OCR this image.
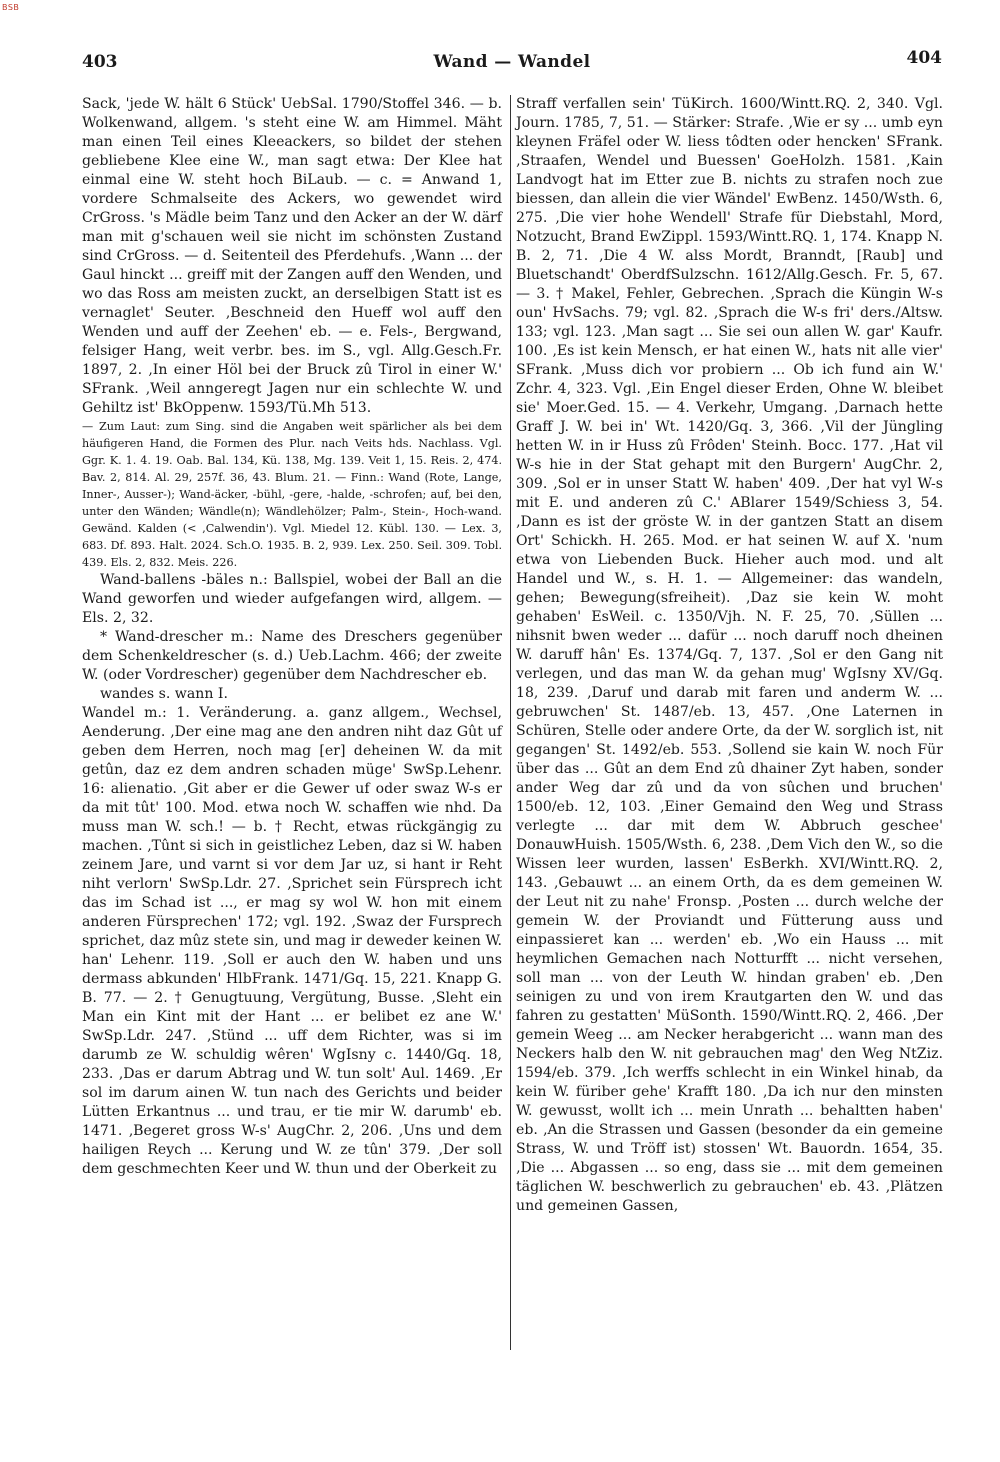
BSB
403	Wand — Wandel	404

Sack, 'jede W. hält 6 Stück' UebSal. 1790/Stoffel 346. — b. Wolkenwand, allgem. 's steht eine W. am Himmel. Mäht man einen Teil eines Kleeackers, so bildet der stehen gebliebene Klee eine W., man sagt etwa: Der Klee hat einmal eine W. steht hoch BiLaub. — c. = Anwand 1, vordere Schmalseite des Ackers, wo gewendet wird CrGross. 's Mädle beim Tanz und den Acker an der W. därf man mit g'schauen weil sie nicht im schönsten Zustand sind CrGross. — d. Seitenteil des Pferdehufs. ‚Wann ... der Gaul hinckt ... greiff mit der Zangen auff den Wenden, und wo das Ross am meisten zuckt, an derselbigen Statt ist es vernaglet' Seuter. ‚Beschneid den Hueff wol auff den Wenden und auff der Zeehen' eb. — e. Fels-, Bergwand, felsiger Hang, weit verbr. bes. im S., vgl. Allg.Gesch.Fr. 1897, 2. ‚In einer Höl bei der Bruck zû Tirol in einer W.' SFrank. ‚Weil anngeregt Jagen nur ein schlechte W. und Gehiltz ist' BkOppenw. 1593/Tü.Mh 513.

— Zum Laut: zum Sing. sind die Angaben weit spärlicher als bei dem häufigeren Hand, die Formen des Plur. nach Veits hds. Nachlass. Vgl. Ggr. K. 1. 4. 19. Oab. Bal. 134, Kü. 138, Mg. 139. Veit 1, 15. Reis. 2, 474. Bav. 2, 814. Al. 29, 257f. 36, 43. Blum. 21. — Finn.: Wand (Rote, Lange, Inner-, Ausser-); Wand-äcker, -bühl, -gere, -halde, -schrofen; auf, bei den, unter den Wänden; Wändle(n); Wändlehölzer; Palm-, Stein-, Hoch-wand. Gewänd. Kalden (< ‚Calwendin'). Vgl. Miedel 12. Kübl. 130. — Lex. 3, 683. Df. 893. Halt. 2024. Sch.O. 1935. B. 2, 939. Lex. 250. Seil. 309. Tobl. 439. Els. 2, 832. Meis. 226.

Wand-ballens -bäles n.: Ballspiel, wobei der Ball an die Wand geworfen und wieder aufgefangen wird, allgem. — Els. 2, 32.

* Wand-drescher m.: Name des Dreschers gegenüber dem Schenkeldrescher (s. d.) Ueb.Lachm. 466; der zweite W. (oder Vordrescher) gegenüber dem Nachdrescher eb.

wandes s. wann I.

Wandel m.: 1. Veränderung. a. ganz allgem., Wechsel, Aenderung. ‚Der eine mag ane den andren niht daz Gût uf geben dem Herren, noch mag [er] deheinen W. da mit getûn, daz ez dem andren schaden müge' SwSp.Lehenr. 16: alienatio. ‚Git aber er die Gewer uf oder swaz W-s er da mit tût' 100. Mod. etwa noch W. schaffen wie nhd. Da muss man W. sch.! — b. † Recht, etwas rückgängig zu machen. ‚Tûnt si sich in geistlichez Leben, daz si W. haben zeinem Jare, und varnt si vor dem Jar uz, si hant ir Reht niht verlorn' SwSp.Ldr. 27. ‚Sprichet sein Fürsprech icht das im Schad ist ..., er mag sy wol W. hon mit einem anderen Fürsprechen' 172; vgl. 192. ‚Swaz der Fursprech sprichet, daz mûz stete sin, und mag ir deweder keinen W. han' Lehenr. 119. ‚Soll er auch den W. haben und uns dermass abkunden' HlbFrank. 1471/Gq. 15, 221. Knapp G. B. 77. — 2. † Genugtuung, Vergütung, Busse. ‚Sleht ein Man ein Kint mit der Hant ... er belibet ez ane W.' SwSp.Ldr. 247. ‚Stünd ... uff dem Richter, was si im darumb ze W. schuldig wêren' WgIsny c. 1440/Gq. 18, 233. ‚Das er darum Abtrag und W. tun solt' Aul. 1469. ‚Er sol im darum ainen W. tun nach des Gerichts und beider Lütten Erkantnus ... und trau, er tie mir W. darumb' eb. 1471. ‚Begeret gross W-s' AugChr. 2, 206. ‚Uns und dem hailigen Reych ... Kerung und W. ze tûn' 379. ‚Der soll dem geschmechten Keer und W. thun und der Oberkeit zu

Straff verfallen sein' TüKirch. 1600/Wintt.RQ. 2, 340. Vgl. Journ. 1785, 7, 51. — Stärker: Strafe. ‚Wie er sy ... umb eyn kleynen Fräfel oder W. liess tôdten oder hencken' SFrank. ‚Straafen, Wendel und Buessen' GoeHolzh. 1581. ‚Kain Landvogt hat im Etter zue B. nichts zu strafen noch zue biessen, dan allein die vier Wändel' EwBenz. 1450/Wsth. 6, 275. ‚Die vier hohe Wendell' Strafe für Diebstahl, Mord, Notzucht, Brand EwZippl. 1593/Wintt.RQ. 1, 174. Knapp N. B. 2, 71. ‚Die 4 W. alss Mordt, Branndt, [Raub] und Bluetschandt' OberdfSulzschn. 1612/Allg.Gesch. Fr. 5, 67. — 3. † Makel, Fehler, Gebrechen. ‚Sprach die Küngin W-s oun' HvSachs. 79; vgl. 82. ‚Sprach die W-s fri' ders./Altsw. 133; vgl. 123. ‚Man sagt ... Sie sei oun allen W. gar' Kaufr. 100. ‚Es ist kein Mensch, er hat einen W., hats nit alle vier' SFrank. ‚Muss dich vor probiern ... Ob ich fund ain W.' Zchr. 4, 323. Vgl. ‚Ein Engel dieser Erden, Ohne W. bleibet sie' Moer.Ged. 15. — 4. Verkehr, Umgang. ‚Darnach hette Graff J. W. bei in' Wt. 1420/Gq. 3, 366. ‚Vil der Jüngling hetten W. in ir Huss zû Frôden' Steinh. Bocc. 177. ‚Hat vil W-s hie in der Stat gehapt mit den Burgern' AugChr. 2, 309. ‚Sol er in unser Statt W. haben' 409. ‚Der hat vyl W-s mit E. und anderen zû C.' ABlarer 1549/Schiess 3, 54. ‚Dann es ist der gröste W. in der gantzen Statt an disem Ort' Schickh. H. 265. Mod. er hat seinen W. auf X. 'num etwa von Liebenden Buck. Hieher auch mod. und alt Handel und W., s. H. 1. — Allgemeiner: das wandeln, gehen; Bewegung(sfreiheit). ‚Daz sie kein W. moht gehaben' EsWeil. c. 1350/Vjh. N. F. 25, 70. ‚Süllen ... nihsnit bwen weder ... dafür ... noch daruff noch dheinen W. daruff hân' Es. 1374/Gq. 7, 137. ‚Sol er den Gang nit verlegen, und das man W. da gehan mug' WgIsny XV/Gq. 18, 239. ‚Daruf und darab mit faren und anderm W. ... gebruwchen' St. 1487/eb. 13, 457. ‚One Laternen in Schüren, Stelle oder andere Orte, da der W. sorglich ist, nit gegangen' St. 1492/eb. 553. ‚Sollend sie kain W. noch Für über das ... Gût an dem End zû dhainer Zyt haben, sonder ander Weg dar zû und da von sûchen und bruchen' 1500/eb. 12, 103. ‚Einer Gemaind den Weg und Strass verlegte ... dar mit dem W. Abbruch geschee' DonauwHuish. 1505/Wsth. 6, 238. ‚Dem Vich den W., so die Wissen leer wurden, lassen' EsBerkh. XVI/Wintt.RQ. 2, 143. ‚Gebauwt ... an einem Orth, da es dem gemeinen W. der Leut nit zu nahe' Fronsp. ‚Posten ... durch welche der gemein W. der Proviandt und Fütterung auss und einpassieret kan ... werden' eb. ‚Wo ein Hauss ... mit heymlichen Gemachen nach Notturfft ... nicht versehen, soll man ... von der Leuth W. hindan graben' eb. ‚Den seinigen zu und von irem Krautgarten den W. und das fahren zu gestatten' MüSonth. 1590/Wintt.RQ. 2, 466. ‚Der gemein Weeg ... am Necker herabgericht ... wann man des Neckers halb den W. nit gebrauchen mag' den Weg NtZiz. 1594/eb. 379. ‚Ich werffs schlecht in ein Winkel hinab, da kein W. füriber gehe' Krafft 180. ‚Da ich nur den minsten W. gewusst, wollt ich ... mein Unrath ... behaltten haben' eb. ‚An die Strassen und Gassen (besonder da ein gemeine Strass, W. und Tröff ist) stossen' Wt. Bauordn. 1654, 35. ‚Die ... Abgassen ... so eng, dass sie ... mit dem gemeinen täglichen W. beschwerlich zu gebrauchen' eb. 43. ‚Plätzen und gemeinen Gassen,
